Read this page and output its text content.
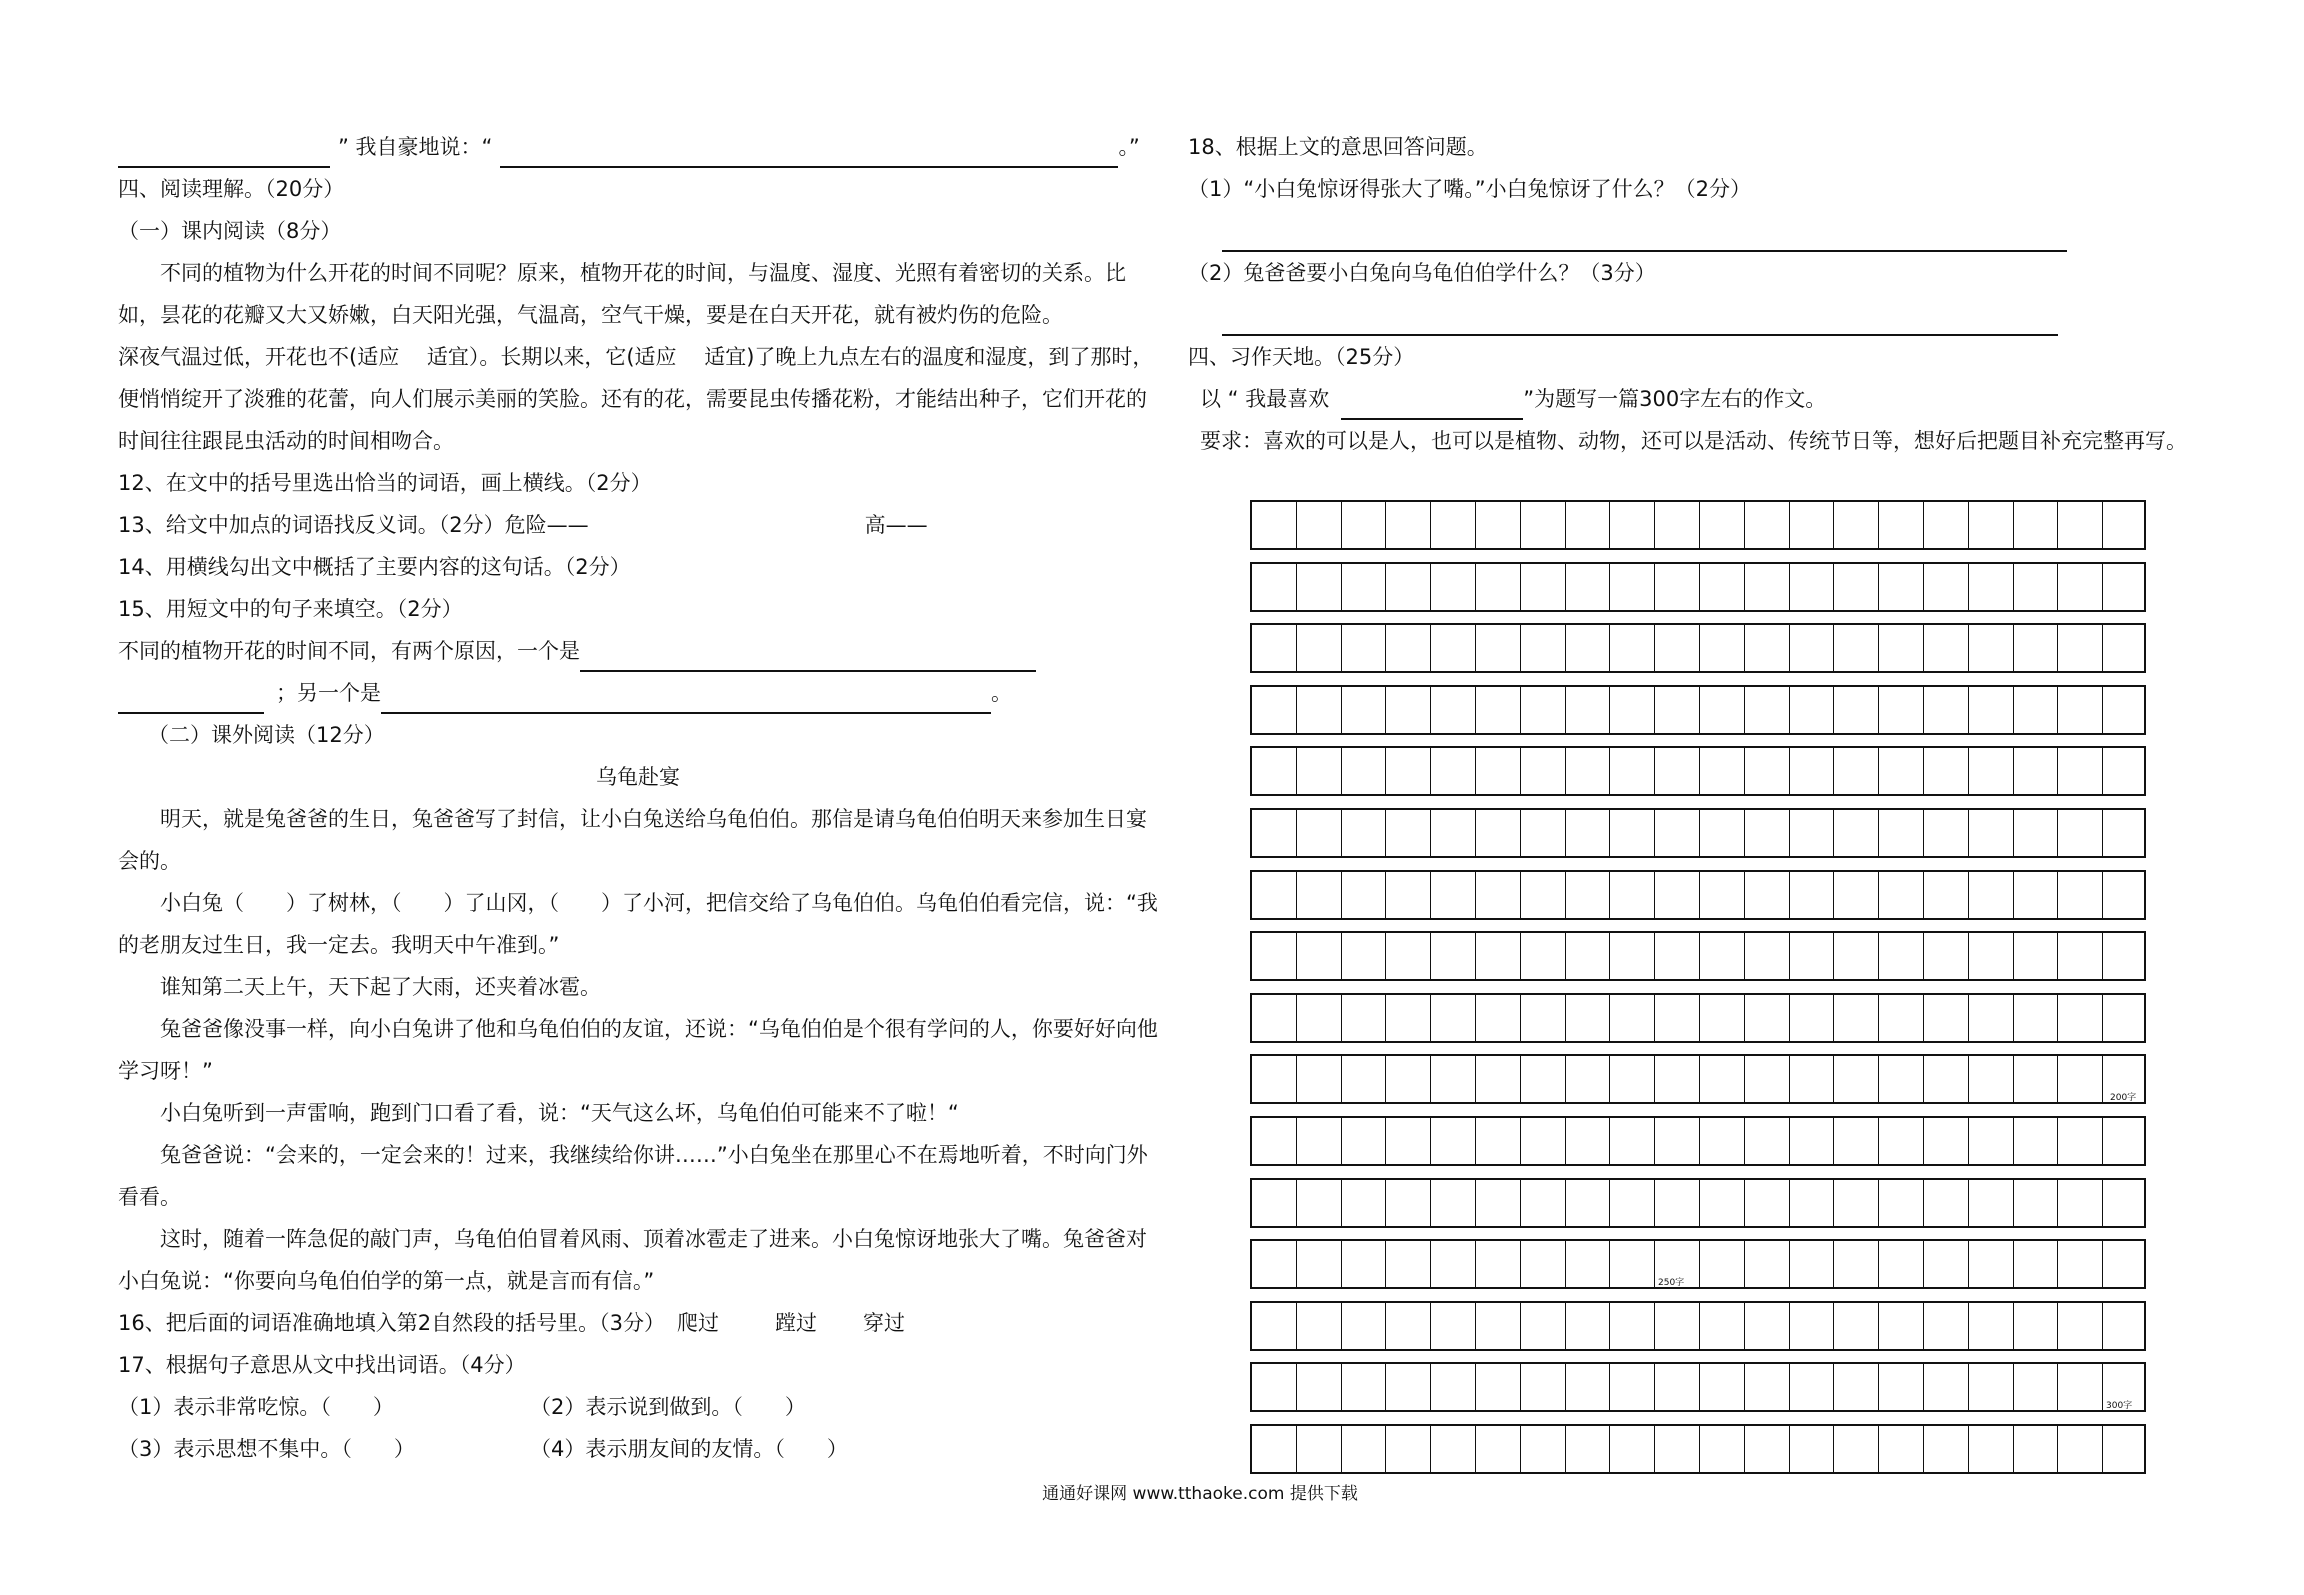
” 我自豪地说：“	。”
四、阅读理解。（20分）
（一）课内阅读（8分）

不同的植物为什么开花的时间不同呢？原来，植物开花的时间，与温度、湿度、光照有着密切的关系。比如，昙花的花瓣又大又娇嫩，白天阳光强，气温高，空气干燥，要是在白天开花，就有被灼伤的危险。

深夜气温过低，开花也不(适应　 适宜）。长期以来，它(适应　 适宜)了晚上九点左右的温度和湿度，到了那时，便悄悄绽开了淡雅的花蕾，向人们展示美丽的笑脸。还有的花，需要昆虫传播花粉，才能结出种子，它们开花的时间往往跟昆虫活动的时间相吻合。

12、在文中的括号里选出恰当的词语，画上横线。（2分）
13、给文中加点的词语找反义词。（2分）危险——	高——
14、用横线勾出文中概括了主要内容的这句话。（2分）
15、用短文中的句子来填空。（2分）
不同的植物开花的时间不同，有两个原因，一个是
；另一个是	。
（二）课外阅读（12分）
乌龟赴宴

明天，就是兔爸爸的生日，兔爸爸写了封信，让小白兔送给乌龟伯伯。那信是请乌龟伯伯明天来参加生日宴会的。

小白兔（　　）了树林，（　　）了山冈，（　　）了小河，把信交给了乌龟伯伯。乌龟伯伯看完信，说：“我的老朋友过生日，我一定去。我明天中午准到。”

谁知第二天上午，天下起了大雨，还夹着冰雹。

兔爸爸像没事一样，向小白兔讲了他和乌龟伯伯的友谊，还说：“乌龟伯伯是个很有学问的人，你要好好向他学习呀！”

小白兔听到一声雷响，跑到门口看了看，说：“天气这么坏，乌龟伯伯可能来不了啦！“

兔爸爸说：“会来的，一定会来的！过来，我继续给你讲……”小白兔坐在那里心不在焉地听着，不时向门外看看。

这时，随着一阵急促的敲门声，乌龟伯伯冒着风雨、顶着冰雹走了进来。小白兔惊讶地张大了嘴。兔爸爸对小白兔说：“你要向乌龟伯伯学的第一点，就是言而有信。”

16、把后面的词语准确地填入第2自然段的括号里。（3分） 爬过	蹚过 穿过
17、根据句子意思从文中找出词语。（4分）
（1）表示非常吃惊。（　　）	（2）表示说到做到。（　　）
（3）表示思想不集中。（　　）	（4）表示朋友间的友情。（　　）
18、根据上文的意思回答问题。
（1）“小白兔惊讶得张大了嘴。”小白兔惊讶了什么？（2分）
（2）兔爸爸要小白兔向乌龟伯伯学什么？（3分）
四、习作天地。（25分）
以 “ 我最喜欢	”为题写一篇300字左右的作文。

要求：喜欢的可以是人，也可以是植物、动物，还可以是活动、传统节日等，想好后把题目补充完整再写。

200字
250字
300字
通通好课网 www.tthaoke.com 提供下载
